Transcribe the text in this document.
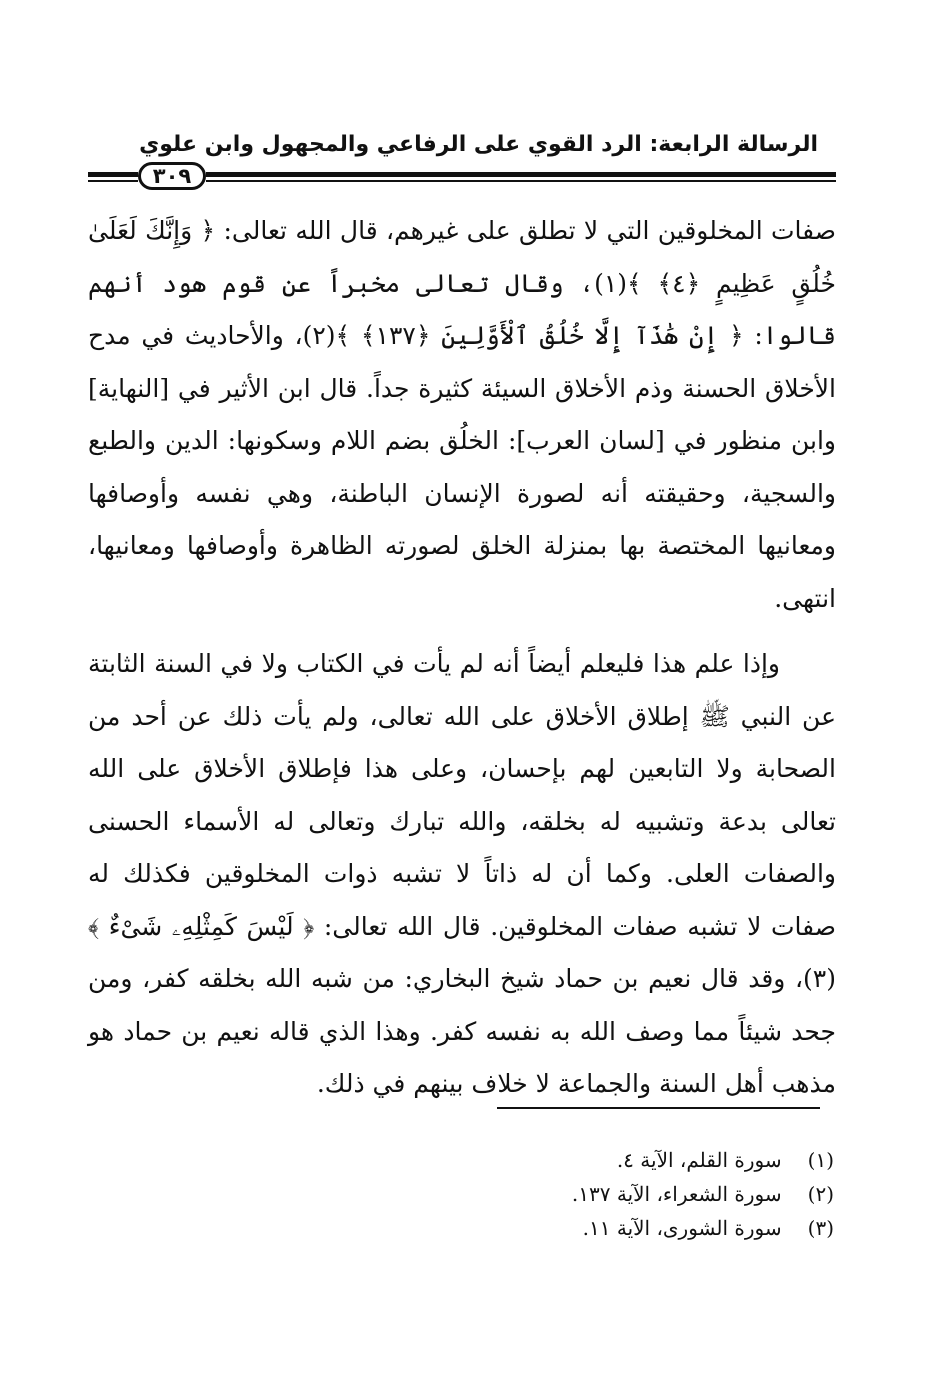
الرسالة الرابعة: الرد القوي على الرفاعي والمجهول وابن علوي
٣٠٩

صفات المخلوقين التي لا تطلق على غيرهم، قال الله تعالى: ﴿ وَإِنَّكَ لَعَلَىٰ خُلُقٍ عَظِيمٍ ﴿٤﴾ ﴾(١)، وقال تعالى مخبراً عن قوم هود أنهم قالوا: ﴿ إِنْ هَٰذَآ إِلَّا خُلُقُ ٱلْأَوَّلِينَ ﴿١٣٧﴾ ﴾(٢)، والأحاديث في مدح الأخلاق الحسنة وذم الأخلاق السيئة كثيرة جداً. قال ابن الأثير في [النهاية] وابن منظور في [لسان العرب]: الخلُق بضم اللام وسكونها: الدين والطبع والسجية، وحقيقته أنه لصورة الإنسان الباطنة، وهي نفسه وأوصافها ومعانيها المختصة بها بمنزلة الخلق لصورته الظاهرة وأوصافها ومعانيها، انتهى.

وإذا علم هذا فليعلم أيضاً أنه لم يأت في الكتاب ولا في السنة الثابتة عن النبي ﷺ إطلاق الأخلاق على الله تعالى، ولم يأت ذلك عن أحد من الصحابة ولا التابعين لهم بإحسان، وعلى هذا فإطلاق الأخلاق على الله تعالى بدعة وتشبيه له بخلقه، والله تبارك وتعالى له الأسماء الحسنى والصفات العلى. وكما أن له ذاتاً لا تشبه ذوات المخلوقين فكذلك له صفات لا تشبه صفات المخلوقين. قال الله تعالى: ﴿ لَيْسَ كَمِثْلِهِۦ شَىْءٌ ﴾(٣)، وقد قال نعيم بن حماد شيخ البخاري: من شبه الله بخلقه كفر، ومن جحد شيئاً مما وصف الله به نفسه كفر. وهذا الذي قاله نعيم بن حماد هو مذهب أهل السنة والجماعة لا خلاف بينهم في ذلك.

(١) سورة القلم، الآية ٤.
(٢) سورة الشعراء، الآية ١٣٧.
(٣) سورة الشورى، الآية ١١.
